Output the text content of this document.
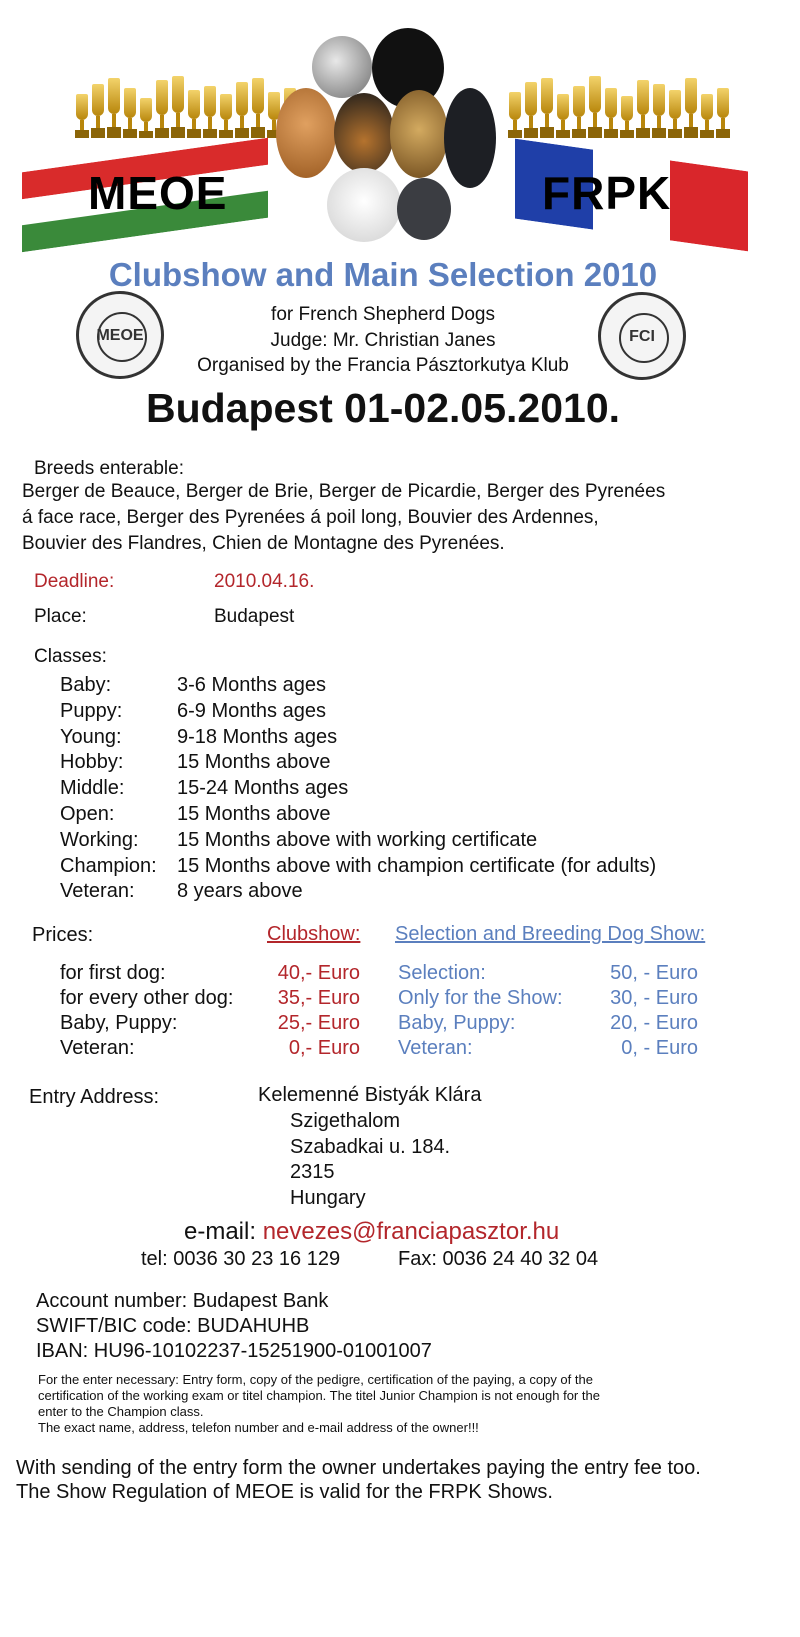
MEOE	FRPK
Clubshow and Main Selection 2010
MEOE	FCI
for French Shepherd Dogs
Judge: Mr. Christian Janes
Organised by the Francia Pásztorkutya Klub
Budapest 01-02.05.2010.
Breeds enterable:
Berger de Beauce, Berger de Brie, Berger de Picardie, Berger des Pyrenées
á face race, Berger des Pyrenées á poil long, Bouvier des Ardennes,
Bouvier des Flandres, Chien de Montagne des Pyrenées.
Deadline:	2010.04.16.
Place:	Budapest
Classes:
Baby:	3-6 Months ages
Puppy:	6-9 Months ages
Young:	9-18 Months ages
Hobby:	15 Months above
Middle:	15-24 Months ages
Open:	15 Months above
Working: 15 Months above with working certificate
Champion: 15 Months above with champion certificate (for adults)
Veteran: 8 years above
Prices:	Clubshow: Selection and Breeding Dog Show:
for first dog:	40,- Euro
for every other dog: 35,- Euro
Baby, Puppy:	25,- Euro
Veteran:	0,- Euro
Selection:	50, - Euro
Only for the Show: 30, - Euro
Baby, Puppy:	20, - Euro
Veteran:	0, - Euro
Entry Address:	Kelemenné Bistyák Klára
Szigethalom
Szabadkai u. 184.
2315
Hungary
e-mail: nevezes@franciapasztor.hu
tel: 0036 30 23 16 129	Fax: 0036 24 40 32 04
Account number: Budapest Bank
SWIFT/BIC code: BUDAHUHB
IBAN: HU96-10102237-15251900-01001007
For the enter necessary: Entry form, copy of the pedigre, certification of the paying, a copy of the
certification of the working exam or titel champion. The titel Junior Champion is not enough for the
enter to the Champion class.
The exact name, address, telefon number and e-mail address of the owner!!!
With sending of the entry form the owner undertakes paying the entry fee too.
The Show Regulation of MEOE is valid for the FRPK Shows.
